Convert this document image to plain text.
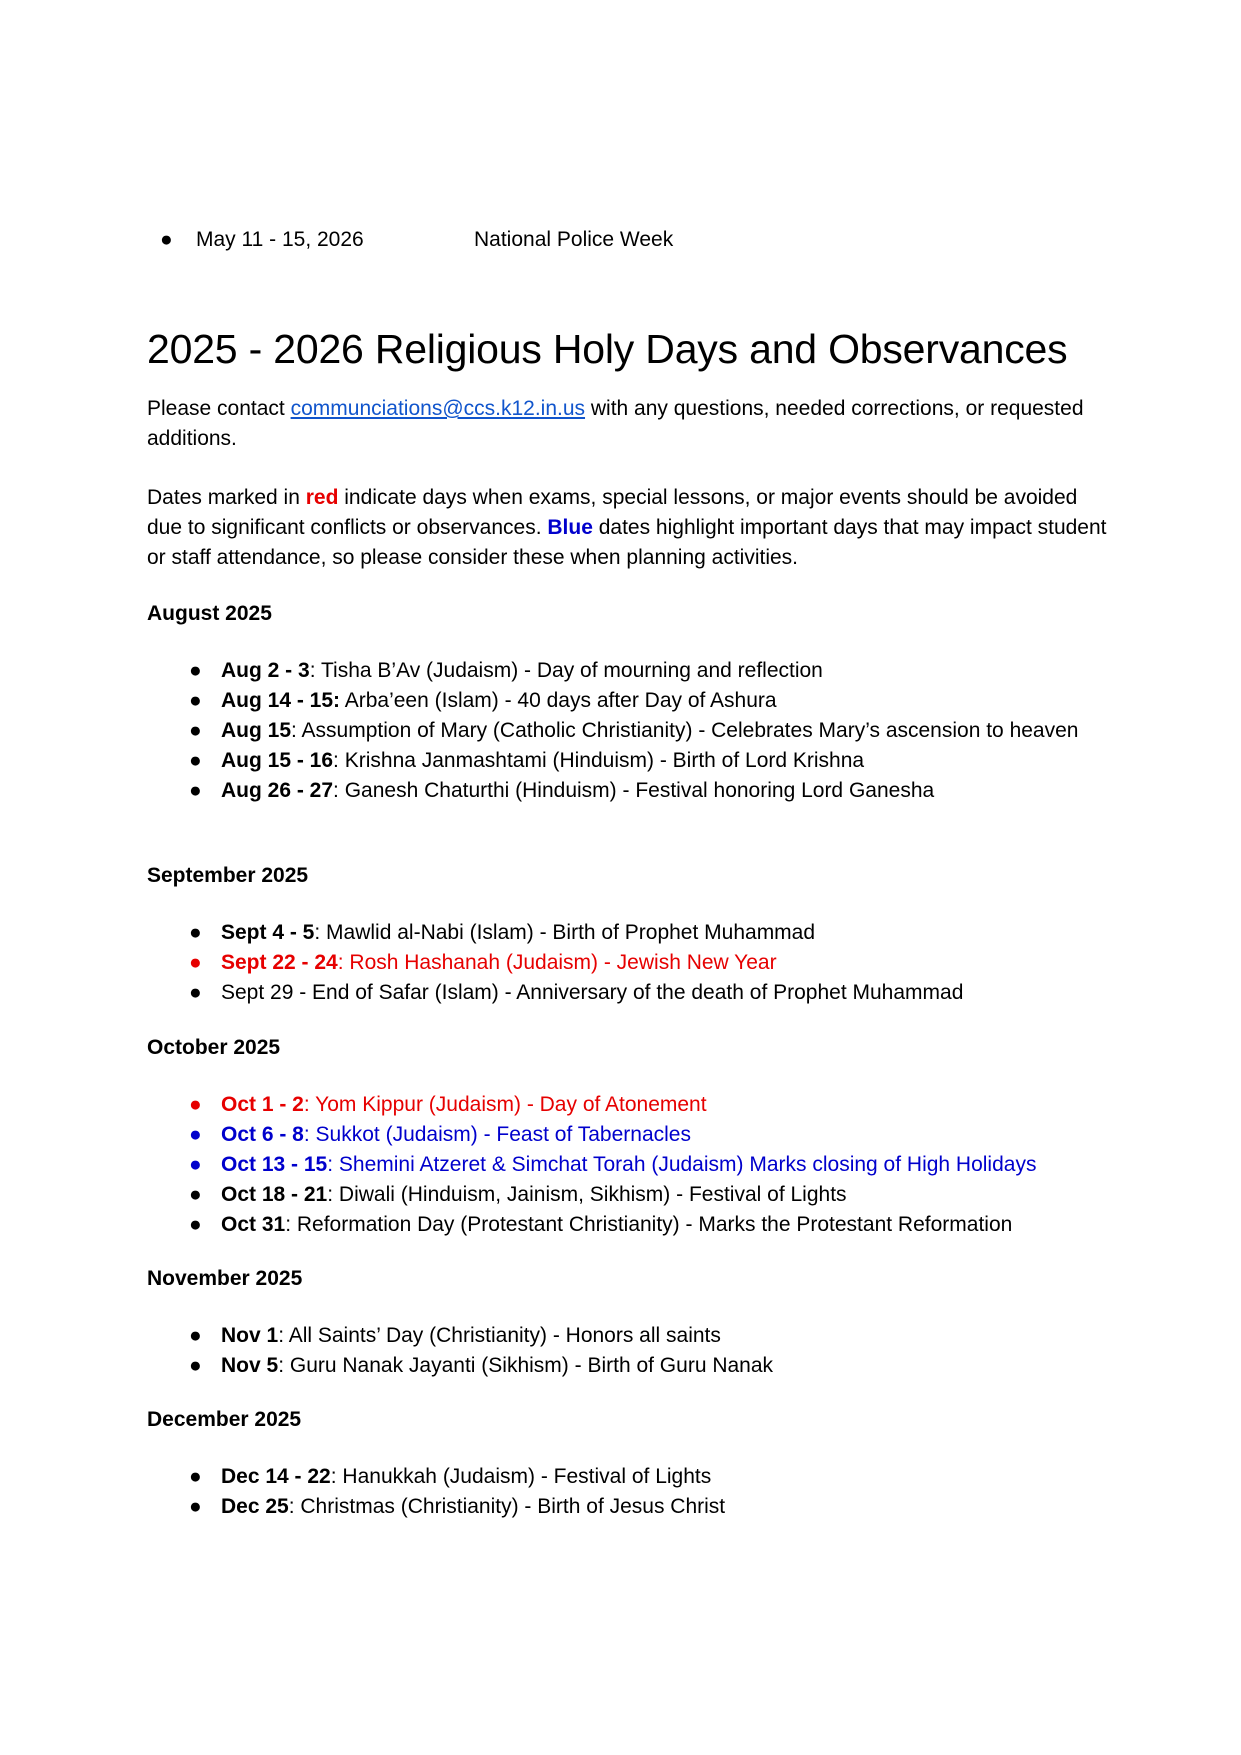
●	May 11 - 15, 2026	National Police Week
2025 - 2026 Religious Holy Days and Observances

Please contact communciations@ccs.k12.in.us with any questions, needed corrections, or requested additions.

Dates marked in red indicate days when exams, special lessons, or major events should be avoided due to significant conflicts or observances. Blue dates highlight important days that may impact student or staff attendance, so please consider these when planning activities.

August 2025
● Aug 2 - 3: Tisha B’Av (Judaism) - Day of mourning and reflection
● Aug 14 - 15: Arba’een (Islam) - 40 days after Day of Ashura
● Aug 15: Assumption of Mary (Catholic Christianity) - Celebrates Mary’s ascension to heaven
● Aug 15 - 16: Krishna Janmashtami (Hinduism) - Birth of Lord Krishna
● Aug 26 - 27: Ganesh Chaturthi (Hinduism) - Festival honoring Lord Ganesha
September 2025
● Sept 4 - 5: Mawlid al-Nabi (Islam) - Birth of Prophet Muhammad
● Sept 22 - 24: Rosh Hashanah (Judaism) - Jewish New Year
● Sept 29 - End of Safar (Islam) - Anniversary of the death of Prophet Muhammad
October 2025
● Oct 1 - 2: Yom Kippur (Judaism) - Day of Atonement
● Oct 6 - 8: Sukkot (Judaism) - Feast of Tabernacles
● Oct 13 - 15: Shemini Atzeret & Simchat Torah (Judaism) Marks closing of High Holidays
● Oct 18 - 21: Diwali (Hinduism, Jainism, Sikhism) - Festival of Lights
● Oct 31: Reformation Day (Protestant Christianity) - Marks the Protestant Reformation
November 2025
● Nov 1: All Saints’ Day (Christianity) - Honors all saints
● Nov 5: Guru Nanak Jayanti (Sikhism) - Birth of Guru Nanak
December 2025
● Dec 14 - 22: Hanukkah (Judaism) - Festival of Lights
● Dec 25: Christmas (Christianity) - Birth of Jesus Christ
